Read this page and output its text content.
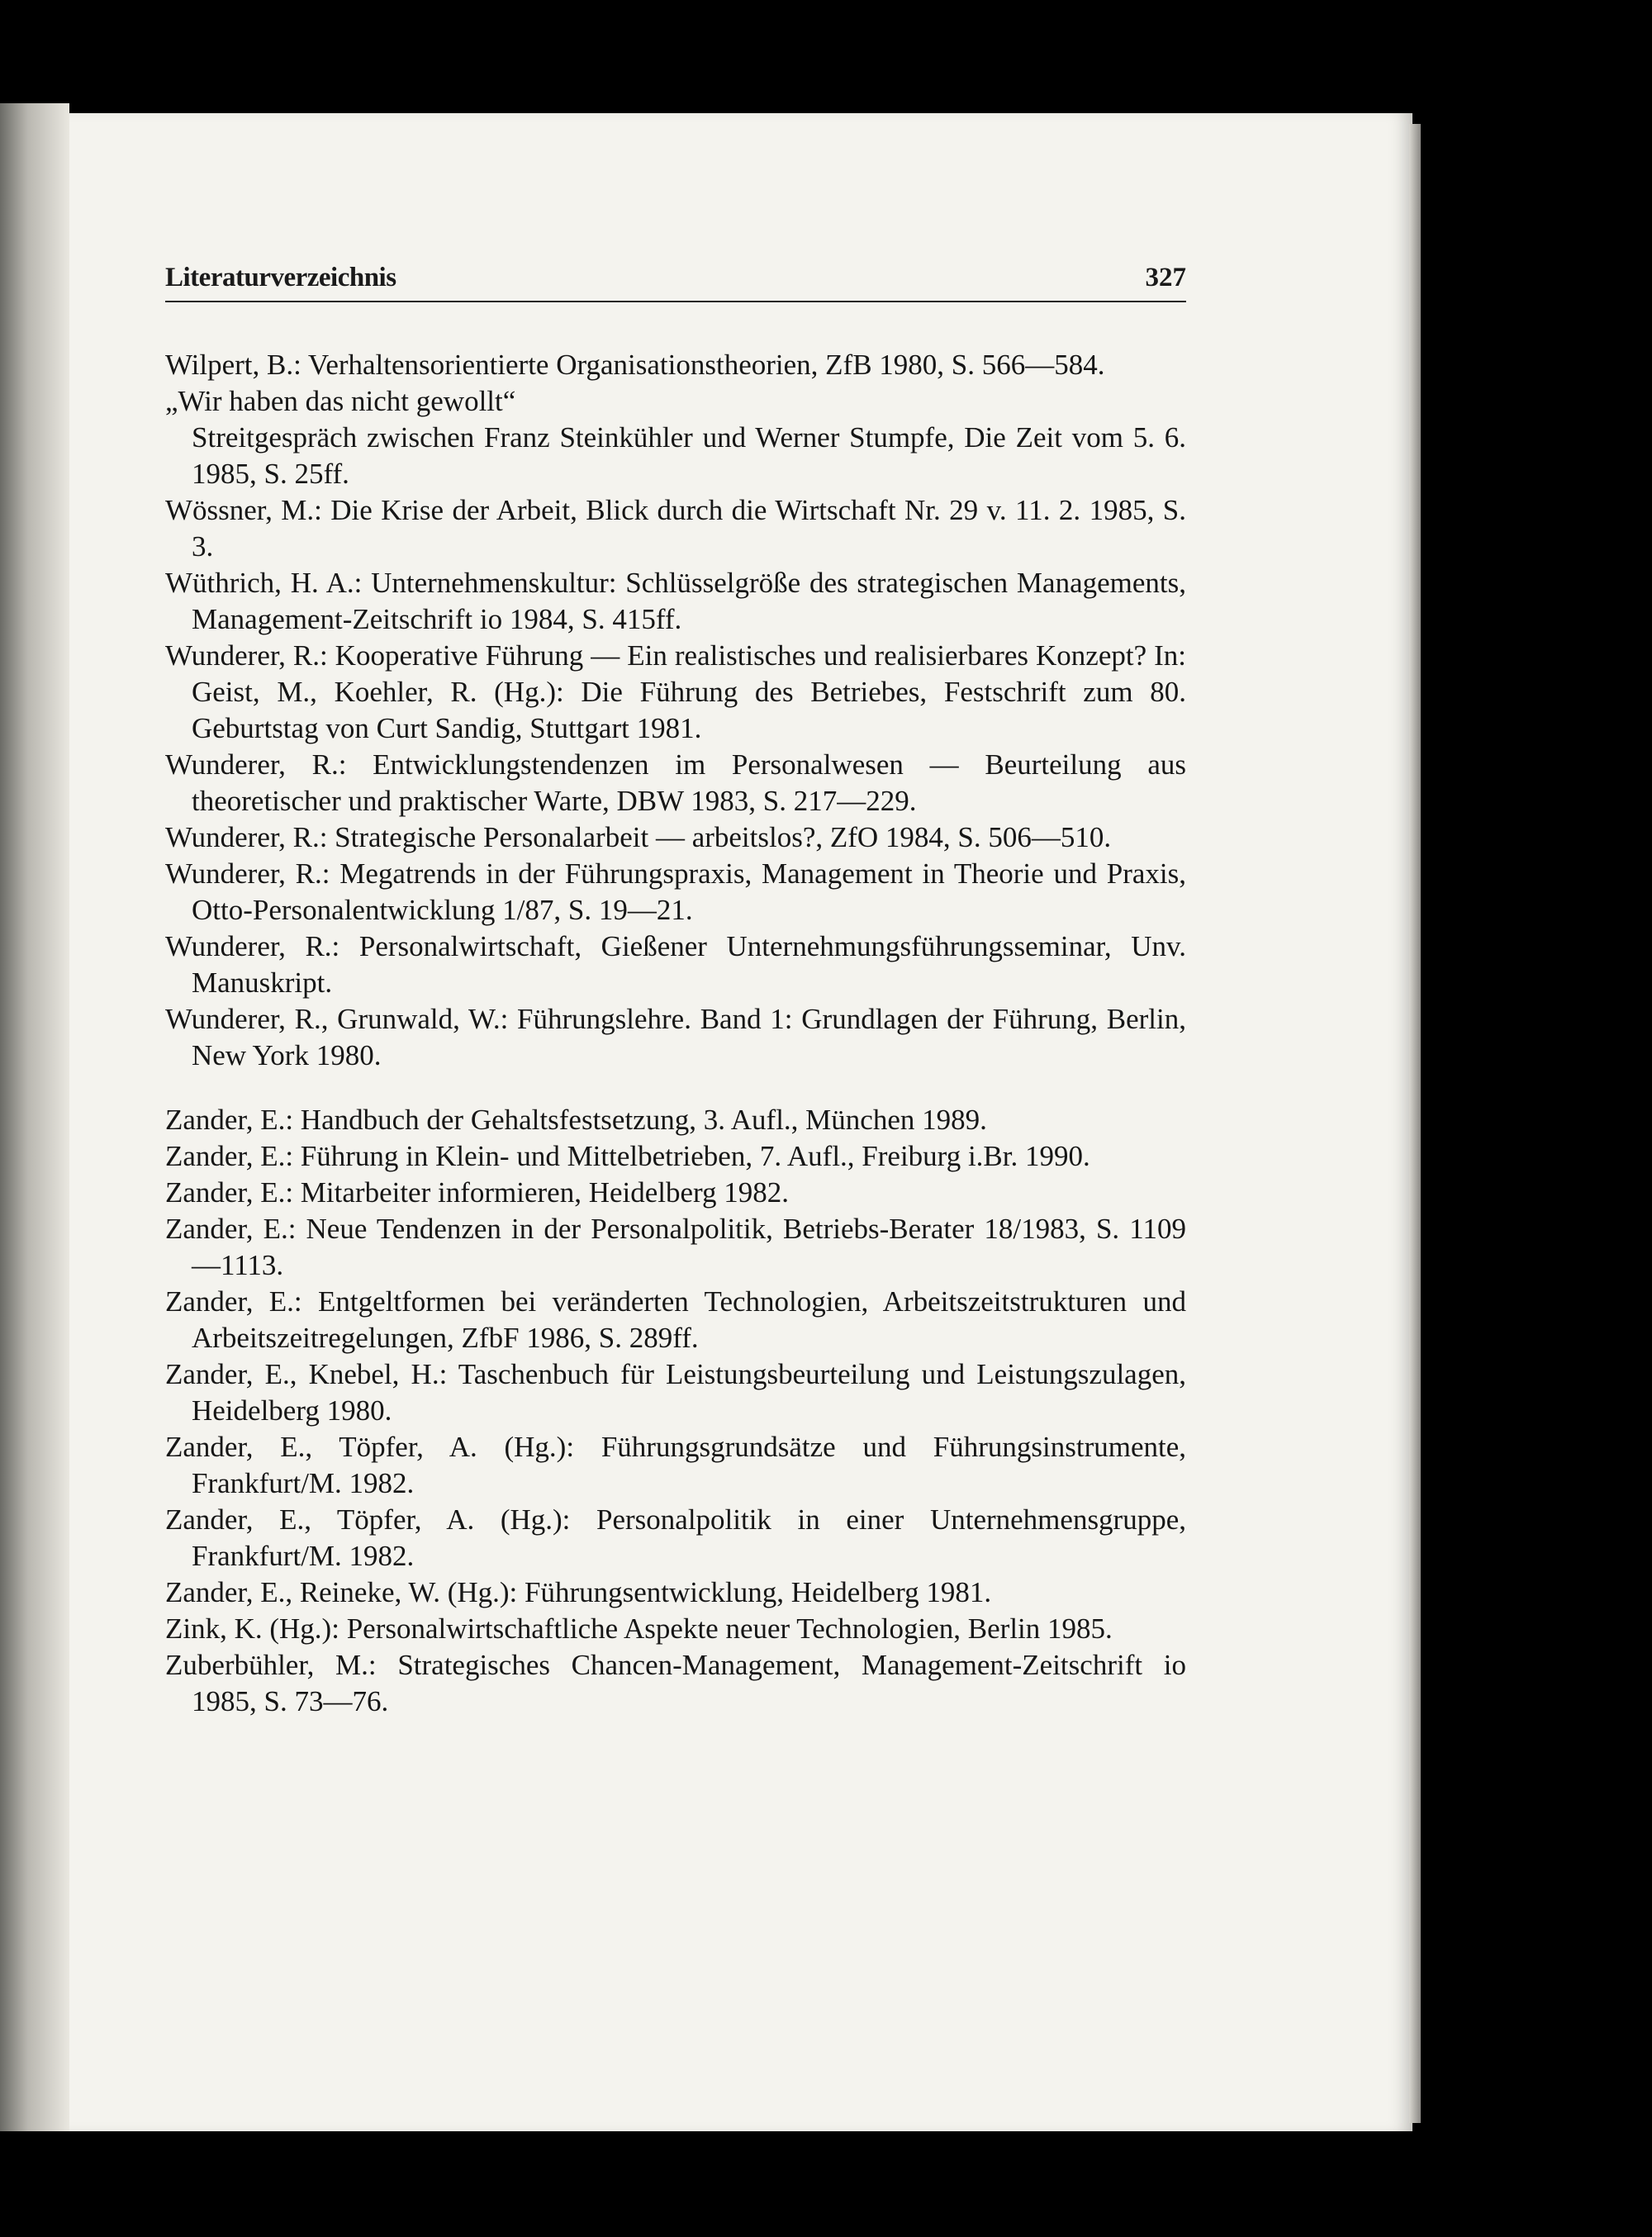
Literaturverzeichnis	327
Wilpert, B.: Verhaltensorientierte Organisationstheorien, ZfB 1980, S. 566—584.
„Wir haben das nicht gewollt“
Streitgespräch zwischen Franz Steinkühler und Werner Stumpfe, Die Zeit vom 5. 6. 1985, S. 25ff.
Wössner, M.: Die Krise der Arbeit, Blick durch die Wirtschaft Nr. 29 v. 11. 2. 1985, S. 3.
Wüthrich, H. A.: Unternehmenskultur: Schlüsselgröße des strategischen Managements, Management-Zeitschrift io 1984, S. 415ff.
Wunderer, R.: Kooperative Führung — Ein realistisches und realisierbares Konzept? In: Geist, M., Koehler, R. (Hg.): Die Führung des Betriebes, Festschrift zum 80. Geburtstag von Curt Sandig, Stuttgart 1981.
Wunderer, R.: Entwicklungstendenzen im Personalwesen — Beurteilung aus theoretischer und praktischer Warte, DBW 1983, S. 217—229.
Wunderer, R.: Strategische Personalarbeit — arbeitslos?, ZfO 1984, S. 506—510.
Wunderer, R.: Megatrends in der Führungspraxis, Management in Theorie und Praxis, Otto-Personalentwicklung 1/87, S. 19—21.
Wunderer, R.: Personalwirtschaft, Gießener Unternehmungsführungsseminar, Unv. Manuskript.
Wunderer, R., Grunwald, W.: Führungslehre. Band 1: Grundlagen der Führung, Berlin, New York 1980.
Zander, E.: Handbuch der Gehaltsfestsetzung, 3. Aufl., München 1989.
Zander, E.: Führung in Klein- und Mittelbetrieben, 7. Aufl., Freiburg i.Br. 1990.
Zander, E.: Mitarbeiter informieren, Heidelberg 1982.
Zander, E.: Neue Tendenzen in der Personalpolitik, Betriebs-Berater 18/1983, S. 1109—1113.
Zander, E.: Entgeltformen bei veränderten Technologien, Arbeitszeitstrukturen und Arbeitszeitregelungen, ZfbF 1986, S. 289ff.
Zander, E., Knebel, H.: Taschenbuch für Leistungsbeurteilung und Leistungszulagen, Heidelberg 1980.
Zander, E., Töpfer, A. (Hg.): Führungsgrundsätze und Führungsinstrumente, Frankfurt/M. 1982.
Zander, E., Töpfer, A. (Hg.): Personalpolitik in einer Unternehmensgruppe, Frankfurt/M. 1982.
Zander, E., Reineke, W. (Hg.): Führungsentwicklung, Heidelberg 1981.
Zink, K. (Hg.): Personalwirtschaftliche Aspekte neuer Technologien, Berlin 1985.
Zuberbühler, M.: Strategisches Chancen-Management, Management-Zeitschrift io 1985, S. 73—76.
